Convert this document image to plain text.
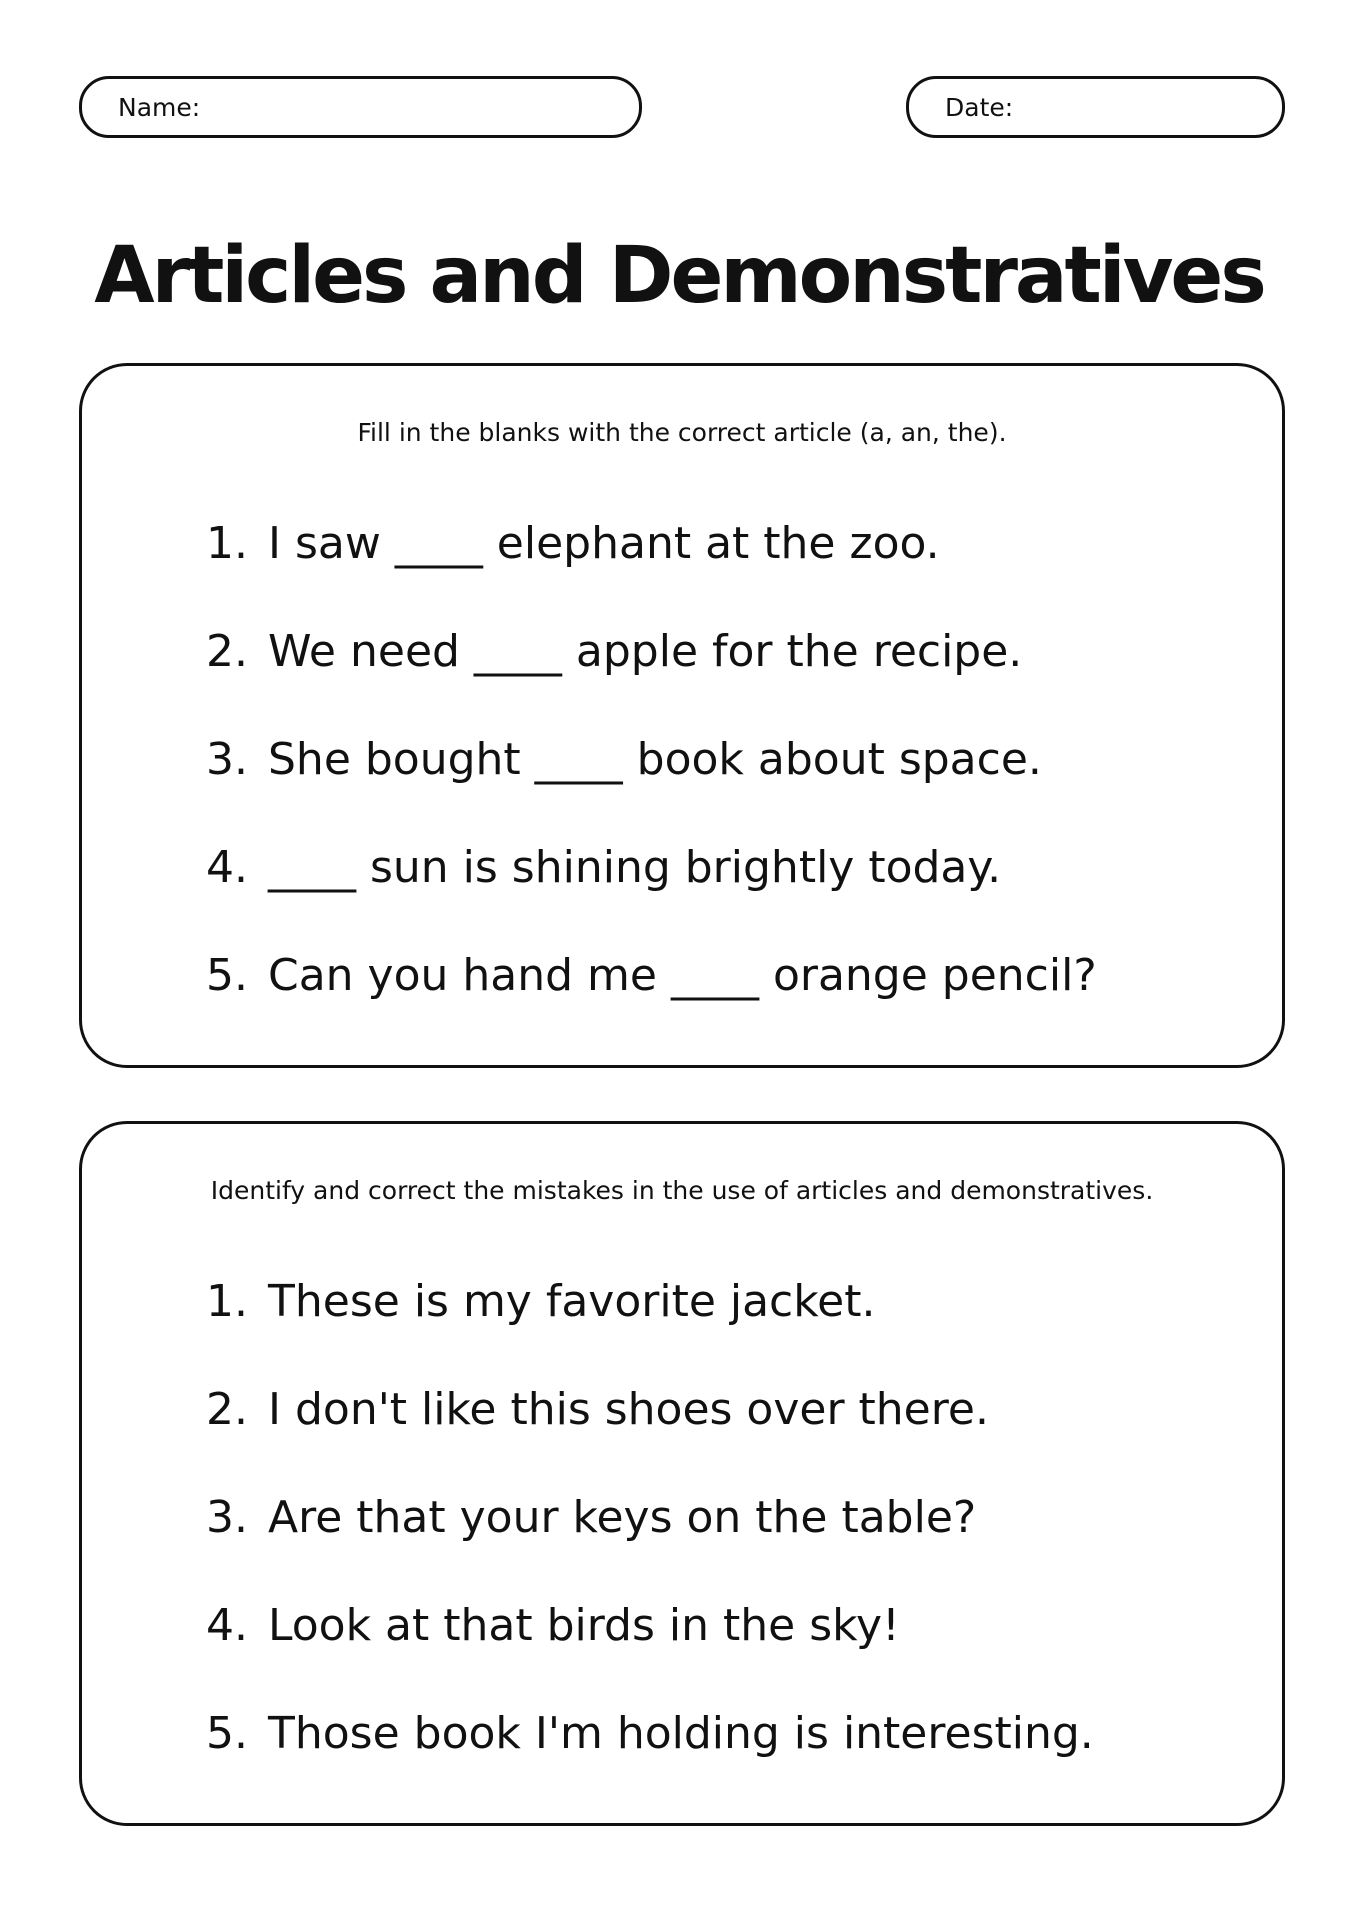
Name:	Date:
Articles and Demonstratives
Fill in the blanks with the correct article (a, an, the).
1. I saw ____ elephant at the zoo.
2. We need ____ apple for the recipe.
3. She bought ____ book about space.
4. ____ sun is shining brightly today.
5. Can you hand me ____ orange pencil?
Identify and correct the mistakes in the use of articles and demonstratives.
1. These is my favorite jacket.
2. I don't like this shoes over there.
3. Are that your keys on the table?
4. Look at that birds in the sky!
5. Those book I'm holding is interesting.
